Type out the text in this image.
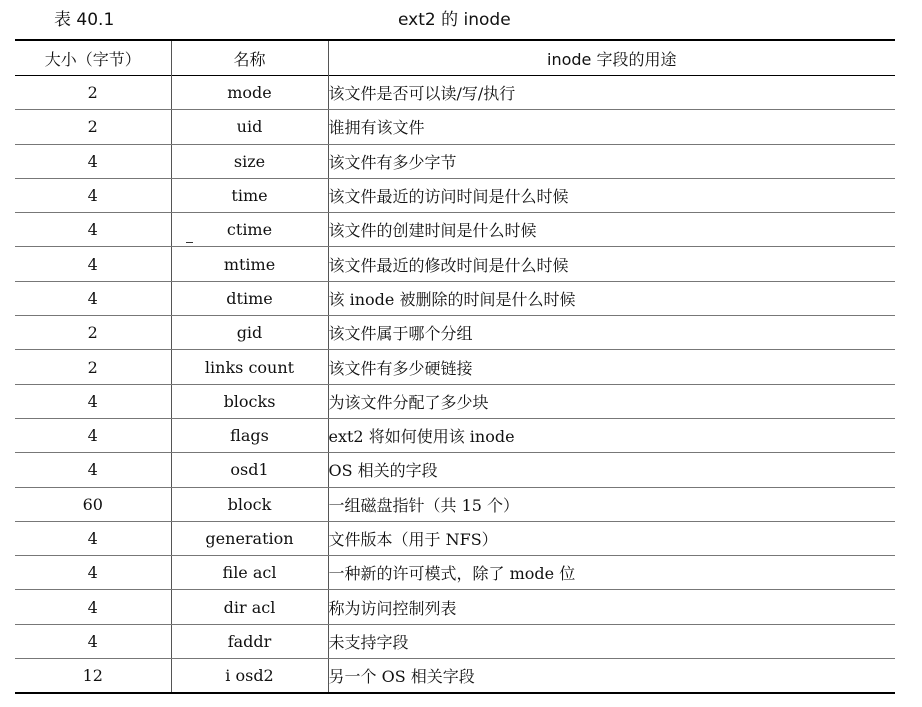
表 40.1	ext2 的 inode
大小（字节）	名称	inode 字段的用途
2	mode	该文件是否可以读/写/执行
2	uid	谁拥有该文件
4	size	该文件有多少字节
4	time	该文件最近的访问时间是什么时候
4	ctime	该文件的创建时间是什么时候
4	mtime	该文件最近的修改时间是什么时候
4	dtime	该 inode 被删除的时间是什么时候
2	gid	该文件属于哪个分组
2	links count	该文件有多少硬链接
4	blocks	为该文件分配了多少块
4	flags	ext2 将如何使用该 inode
4	osd1	OS 相关的字段
60	block	一组磁盘指针（共 15 个）
4	generation	文件版本（用于 NFS）
4	file acl	一种新的许可模式，除了 mode 位
4	dir acl	称为访问控制列表
4	faddr	未支持字段
12	i osd2	另一个 OS 相关字段
